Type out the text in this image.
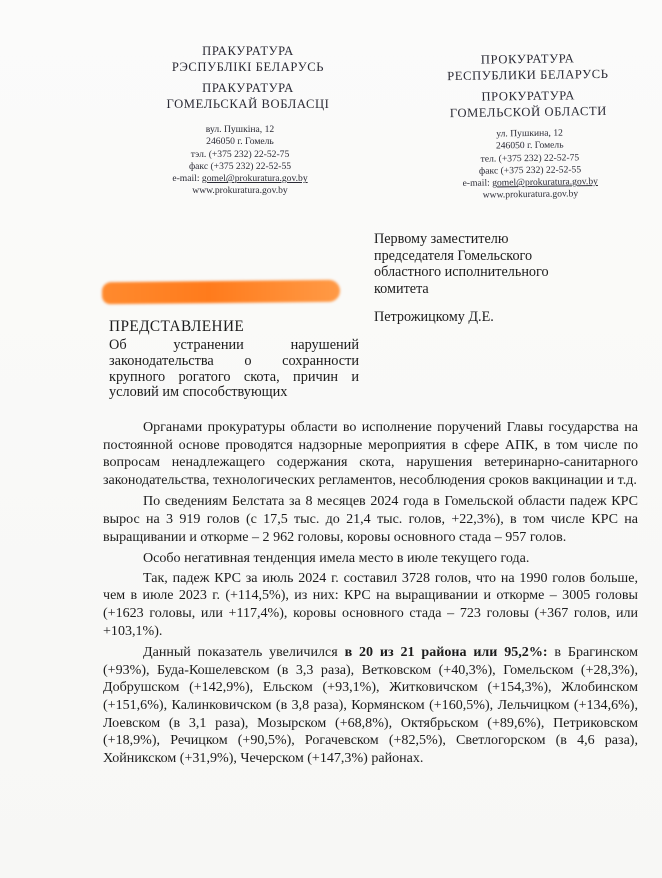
ПРАКУРАТУРА
РЭСПУБЛІКІ БЕЛАРУСЬ
ПРАКУРАТУРА
ГОМЕЛЬСКАЙ ВОБЛАСЦІ
вул. Пушкіна, 12
246050 г. Гомель
тэл. (+375 232) 22-52-75
факс (+375 232) 22-52-55
e-mail: gomel@prokuratura.gov.by
www.prokuratura.gov.by
ПРОКУРАТУРА
РЕСПУБЛИКИ БЕЛАРУСЬ
ПРОКУРАТУРА
ГОМЕЛЬСКОЙ ОБЛАСТИ
ул. Пушкина, 12
246050 г. Гомель
тел. (+375 232) 22-52-75
факс (+375 232) 22-52-55
e-mail: gomel@prokuratura.gov.by
www.prokuratura.gov.by
Первому заместителю
председателя Гомельского
областного исполнительного
комитета
Петрожицкому Д.Е.
ПРЕДСТАВЛЕНИЕ
Об устранении нарушений
законодательства о сохранности
крупного рогатого скота, причин и
условий им способствующих

Органами прокуратуры области во исполнение поручений Главы государства на постоянной основе проводятся надзорные мероприятия в сфере АПК, в том числе по вопросам ненадлежащего содержания скота, нарушения ветеринарно-санитарного законодательства, технологических регламентов, несоблюдения сроков вакцинации и т.д.

По сведениям Белстата за 8 месяцев 2024 года в Гомельской области падеж КРС вырос на 3 919 голов (с 17,5 тыс. до 21,4 тыс. голов, +22,3%), в том числе КРС на выращивании и откорме – 2 962 головы, коровы основного стада – 957 голов.

Особо негативная тенденция имела место в июле текущего года.

Так, падеж КРС за июль 2024 г. составил 3728 голов, что на 1990 голов больше, чем в июле 2023 г. (+114,5%), из них: КРС на выращивании и откорме – 3005 головы (+1623 головы, или +117,4%), коровы основного стада – 723 головы (+367 голов, или +103,1%).

Данный показатель увеличился в 20 из 21 района или 95,2%: в Брагинском (+93%), Буда-Кошелевском (в 3,3 раза), Ветковском (+40,3%), Гомельском (+28,3%), Добрушском (+142,9%), Ельском (+93,1%), Житковичском (+154,3%), Жлобинском (+151,6%), Калинковичском (в 3,8 раза), Кормянском (+160,5%), Лельчицком (+134,6%), Лоевском (в 3,1 раза), Мозырском (+68,8%), Октябрьском (+89,6%), Петриковском (+18,9%), Речицком (+90,5%), Рогачевском (+82,5%), Светлогорском (в 4,6 раза), Хойникском (+31,9%), Чечерском (+147,3%) районах.
